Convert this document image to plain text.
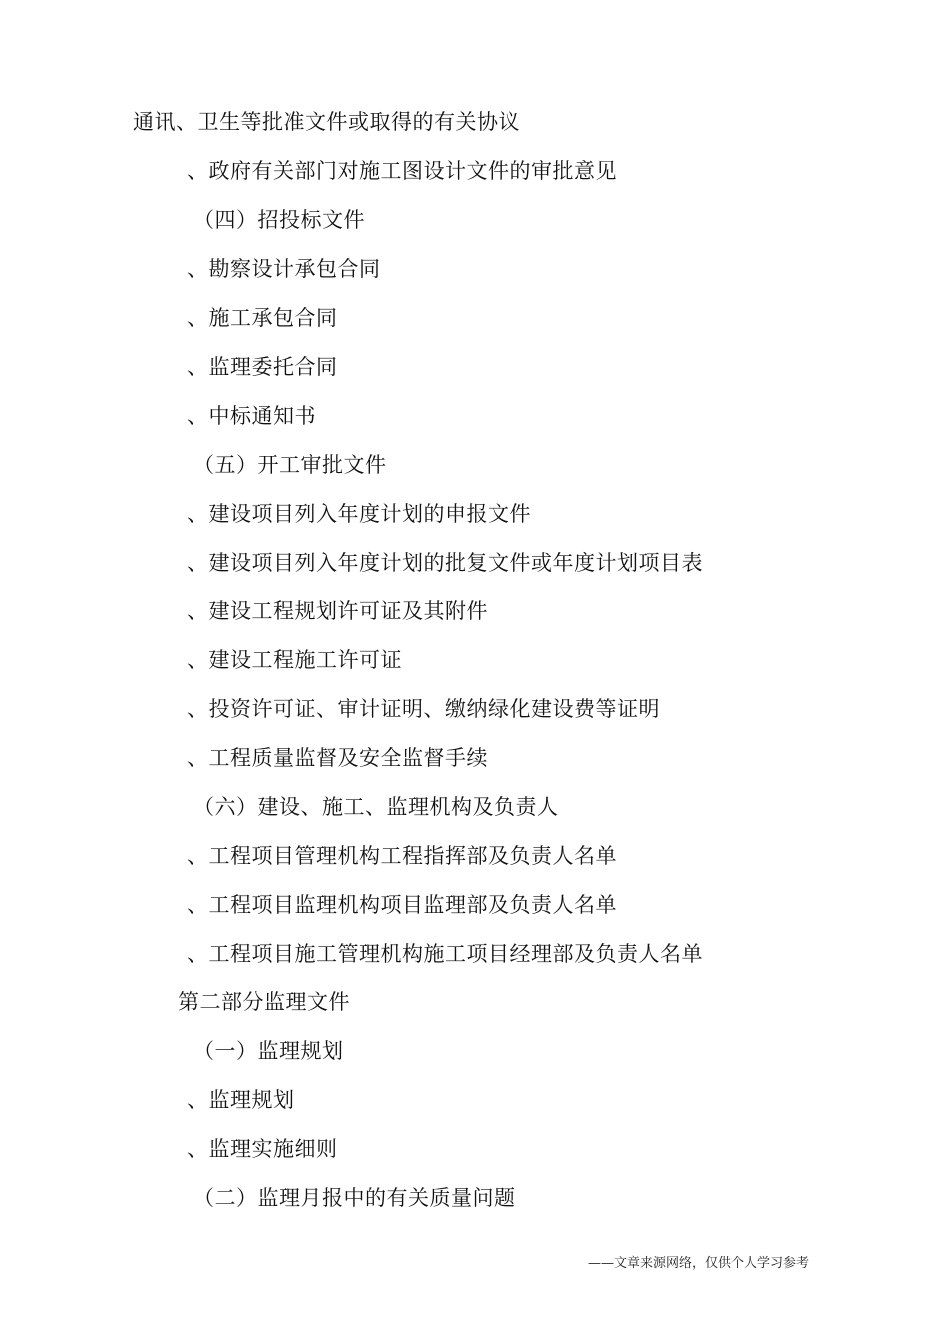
通讯、卫生等批准文件或取得的有关协议
、政府有关部门对施工图设计文件的审批意见
（四）招投标文件
、勘察设计承包合同
、施工承包合同
、监理委托合同
、中标通知书
（五）开工审批文件
、建设项目列入年度计划的申报文件
、建设项目列入年度计划的批复文件或年度计划项目表
、建设工程规划许可证及其附件
、建设工程施工许可证
、投资许可证、审计证明、缴纳绿化建设费等证明
、工程质量监督及安全监督手续
（六）建设、施工、监理机构及负责人
、工程项目管理机构工程指挥部及负责人名单
、工程项目监理机构项目监理部及负责人名单
、工程项目施工管理机构施工项目经理部及负责人名单
第二部分监理文件
（一）监理规划
、监理规划
、监理实施细则
（二）监理月报中的有关质量问题
——文章来源网络，仅供个人学习参考
